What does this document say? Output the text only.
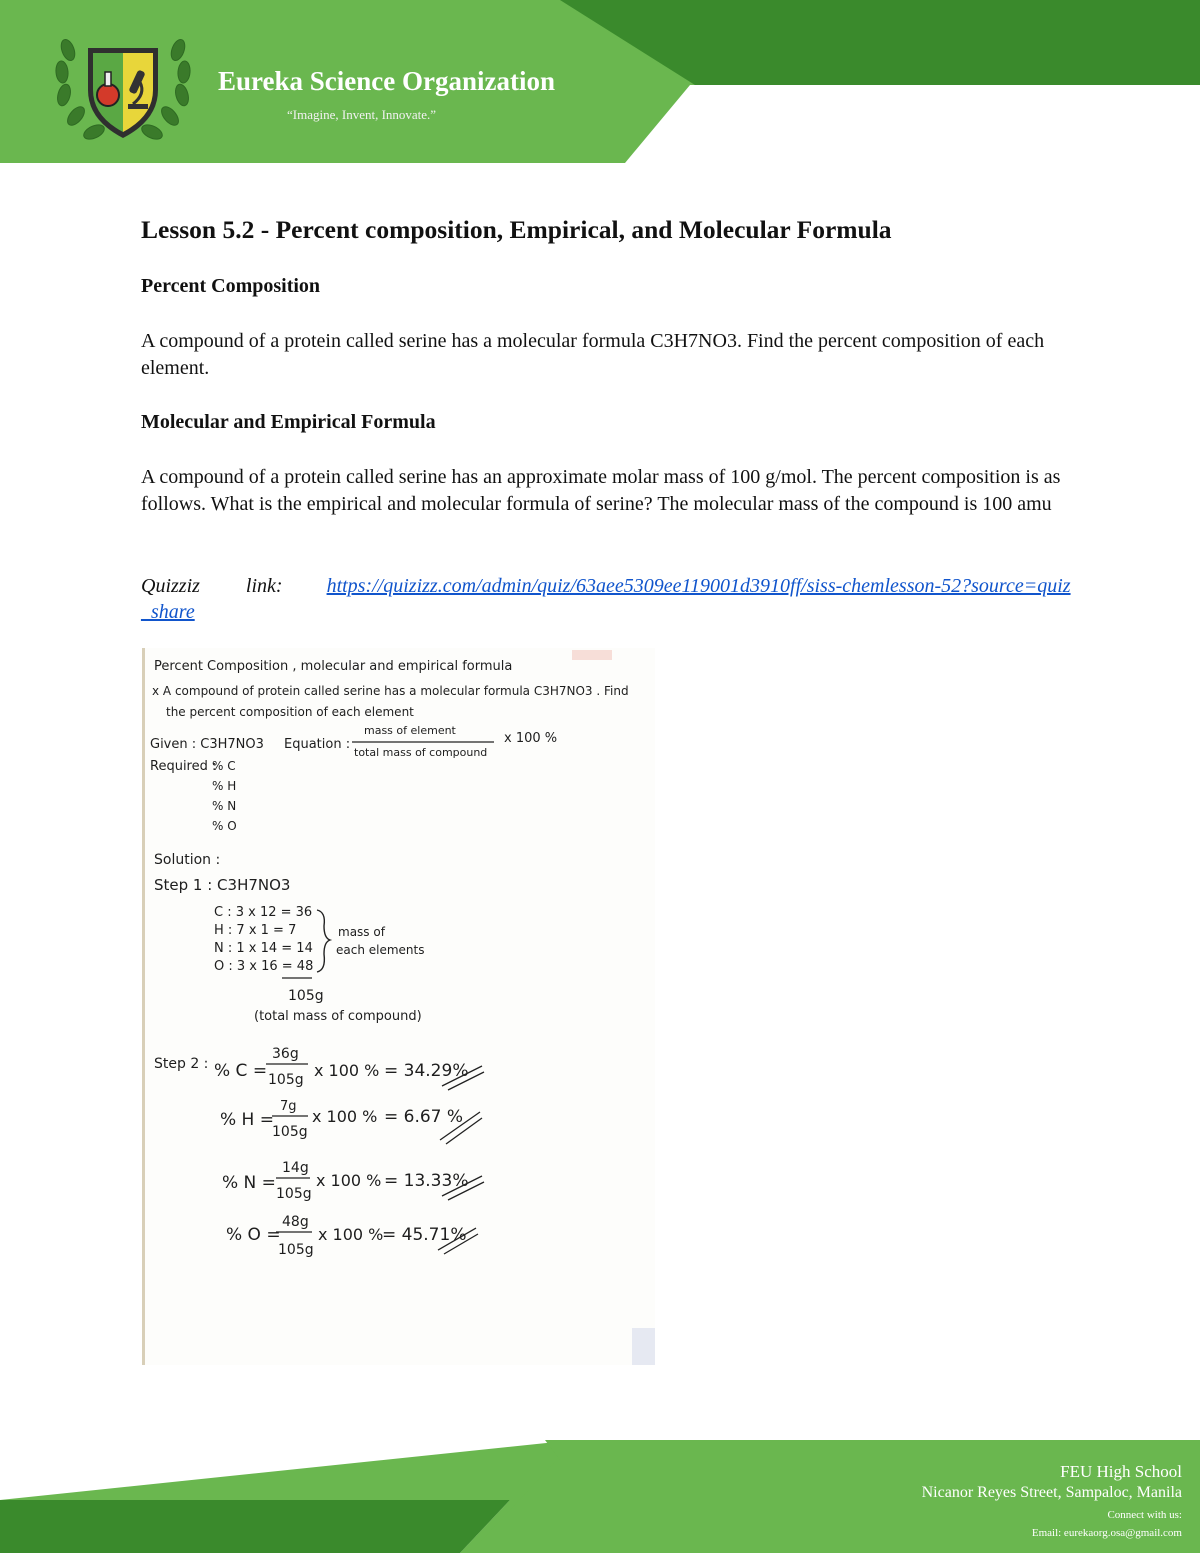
Eureka Science Organization
“Imagine, Invent, Innovate.”
Lesson 5.2 - Percent composition, Empirical, and Molecular Formula
Percent Composition
A compound of a protein called serine has a molecular formula C3H7NO3. Find the percent composition of each element.
Molecular and Empirical Formula
A compound of a protein called serine has an approximate molar mass of 100 g/mol. The percent composition is as follows. What is the empirical and molecular formula of serine? The molecular mass of the compound is 100 amu
Quizziz link: https://quizizz.com/admin/quiz/63aee5309ee119001d3910ff/siss-chemlesson-52?source=quiz_share
Percent Composition , molecular and empirical formula
x A compound of protein called serine has a molecular formula C3H7NO3 . Find
the percent composition of each element
Given : C3H7NO3 Equation :
mass of element
total mass of compound
x 100 %
Required :
% C
% H
% N
% O
Solution :
Step 1 : C3H7NO3
C : 3 x 12 = 36
H : 7 x 1 = 7
N : 1 x 14 = 14
O : 3 x 16 = 48
mass of
each elements
105g
(total mass of compound)
Step 2 : % C =
36g
105g x 100 % = 34.29%
% H =
7g
105g
x 100 % = 6.67 %
% N =
14g
105g
x 100 % = 13.33%
% O =
48g
105g
x 100 %
= 45.71%
FEU High School
Nicanor Reyes Street, Sampaloc, Manila
Connect with us:
Email: eurekaorg.osa@gmail.com
